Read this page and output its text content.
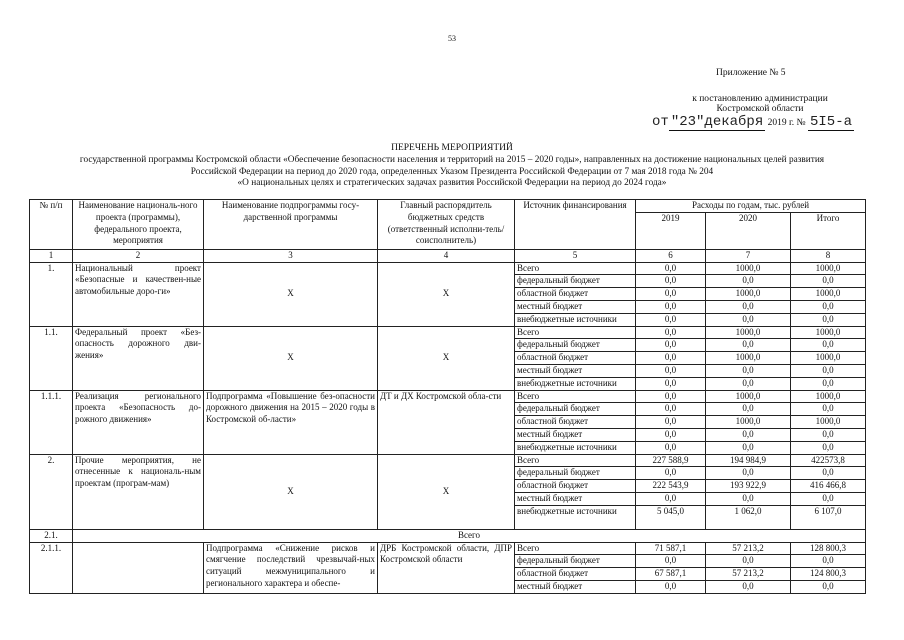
53
Приложение № 5
к постановлению администрации
Костромской области
от "23"декабря 2019 г. № 5I5-а
ПЕРЕЧЕНЬ МЕРОПРИЯТИЙ
государственной программы Костромской области «Обеспечение безопасности населения и территорий на 2015 – 2020 годы», направленных на достижение национальных целей развития
Российской Федерации на период до 2020 года, определенных Указом Президента Российской Федерации от 7 мая 2018 года № 204
«О национальных целях и стратегических задачах развития Российской Федерации на период до 2024 года»
№ п/п	Наименование националь-ного проекта (программы), федерального проекта, мероприятия	Наименование подпрограммы госу-дарственной программы	Главный распорядитель бюджетных средств (ответственный исполни-тель/соисполнитель)	Источник финансирования	Расходы по годам, тыс. рублей		
					2019	2020	Итого
1	2	3	4	5	6	7	8
1.	Национальный проект «Безопасные и качествен-ные автомобильные доро-ги»	Х	Х	Всего	0,0	1000,0	1000,0
				федеральный бюджет	0,0	0,0	0,0
				областной бюджет	0,0	1000,0	1000,0
				местный бюджет	0,0	0,0	0,0
				внебюджетные источники	0,0	0,0	0,0
1.1.	Федеральный проект «Без-опасность дорожного дви-жения»	Х	Х	Всего	0,0	1000,0	1000,0
				федеральный бюджет	0,0	0,0	0,0
				областной бюджет	0,0	1000,0	1000,0
				местный бюджет	0,0	0,0	0,0
				внебюджетные источники	0,0	0,0	0,0
1.1.1.	Реализация регионального проекта «Безопасность до-рожного движения»	Подпрограмма «Повышение без-опасности дорожного движения на 2015 – 2020 годы в Костромской об-ласти»	ДТ и ДХ Костромской обла-сти	Всего	0,0	1000,0	1000,0
				федеральный бюджет	0,0	0,0	0,0
				областной бюджет	0,0	1000,0	1000,0
				местный бюджет	0,0	0,0	0,0
				внебюджетные источники	0,0	0,0	0,0
2.	Прочие мероприятия, не отнесенные к националь-ным проектам (програм-мам)	Х	Х	Всего	227 588,9	194 984,9	422573,8
				федеральный бюджет	0,0	0,0	0,0
				областной бюджет	222 543,9	193 922,9	416 466,8
				местный бюджет	0,0	0,0	0,0
				внебюджетные источники	5 045,0	1 062,0	6 107,0
2.1.	Всего						
2.1.1.		Подпрограмма «Снижение рисков и смягчение последствий чрезвычай-ных ситуаций межмуниципального и регионального характера и обеспе-	ДРБ Костромской области, ДПР Костромской области	Всего	71 587,1	57 213,2	128 800,3
				федеральный бюджет	0,0	0,0	0,0
				областной бюджет	67 587,1	57 213,2	124 800,3
				местный бюджет	0,0	0,0	0,0
